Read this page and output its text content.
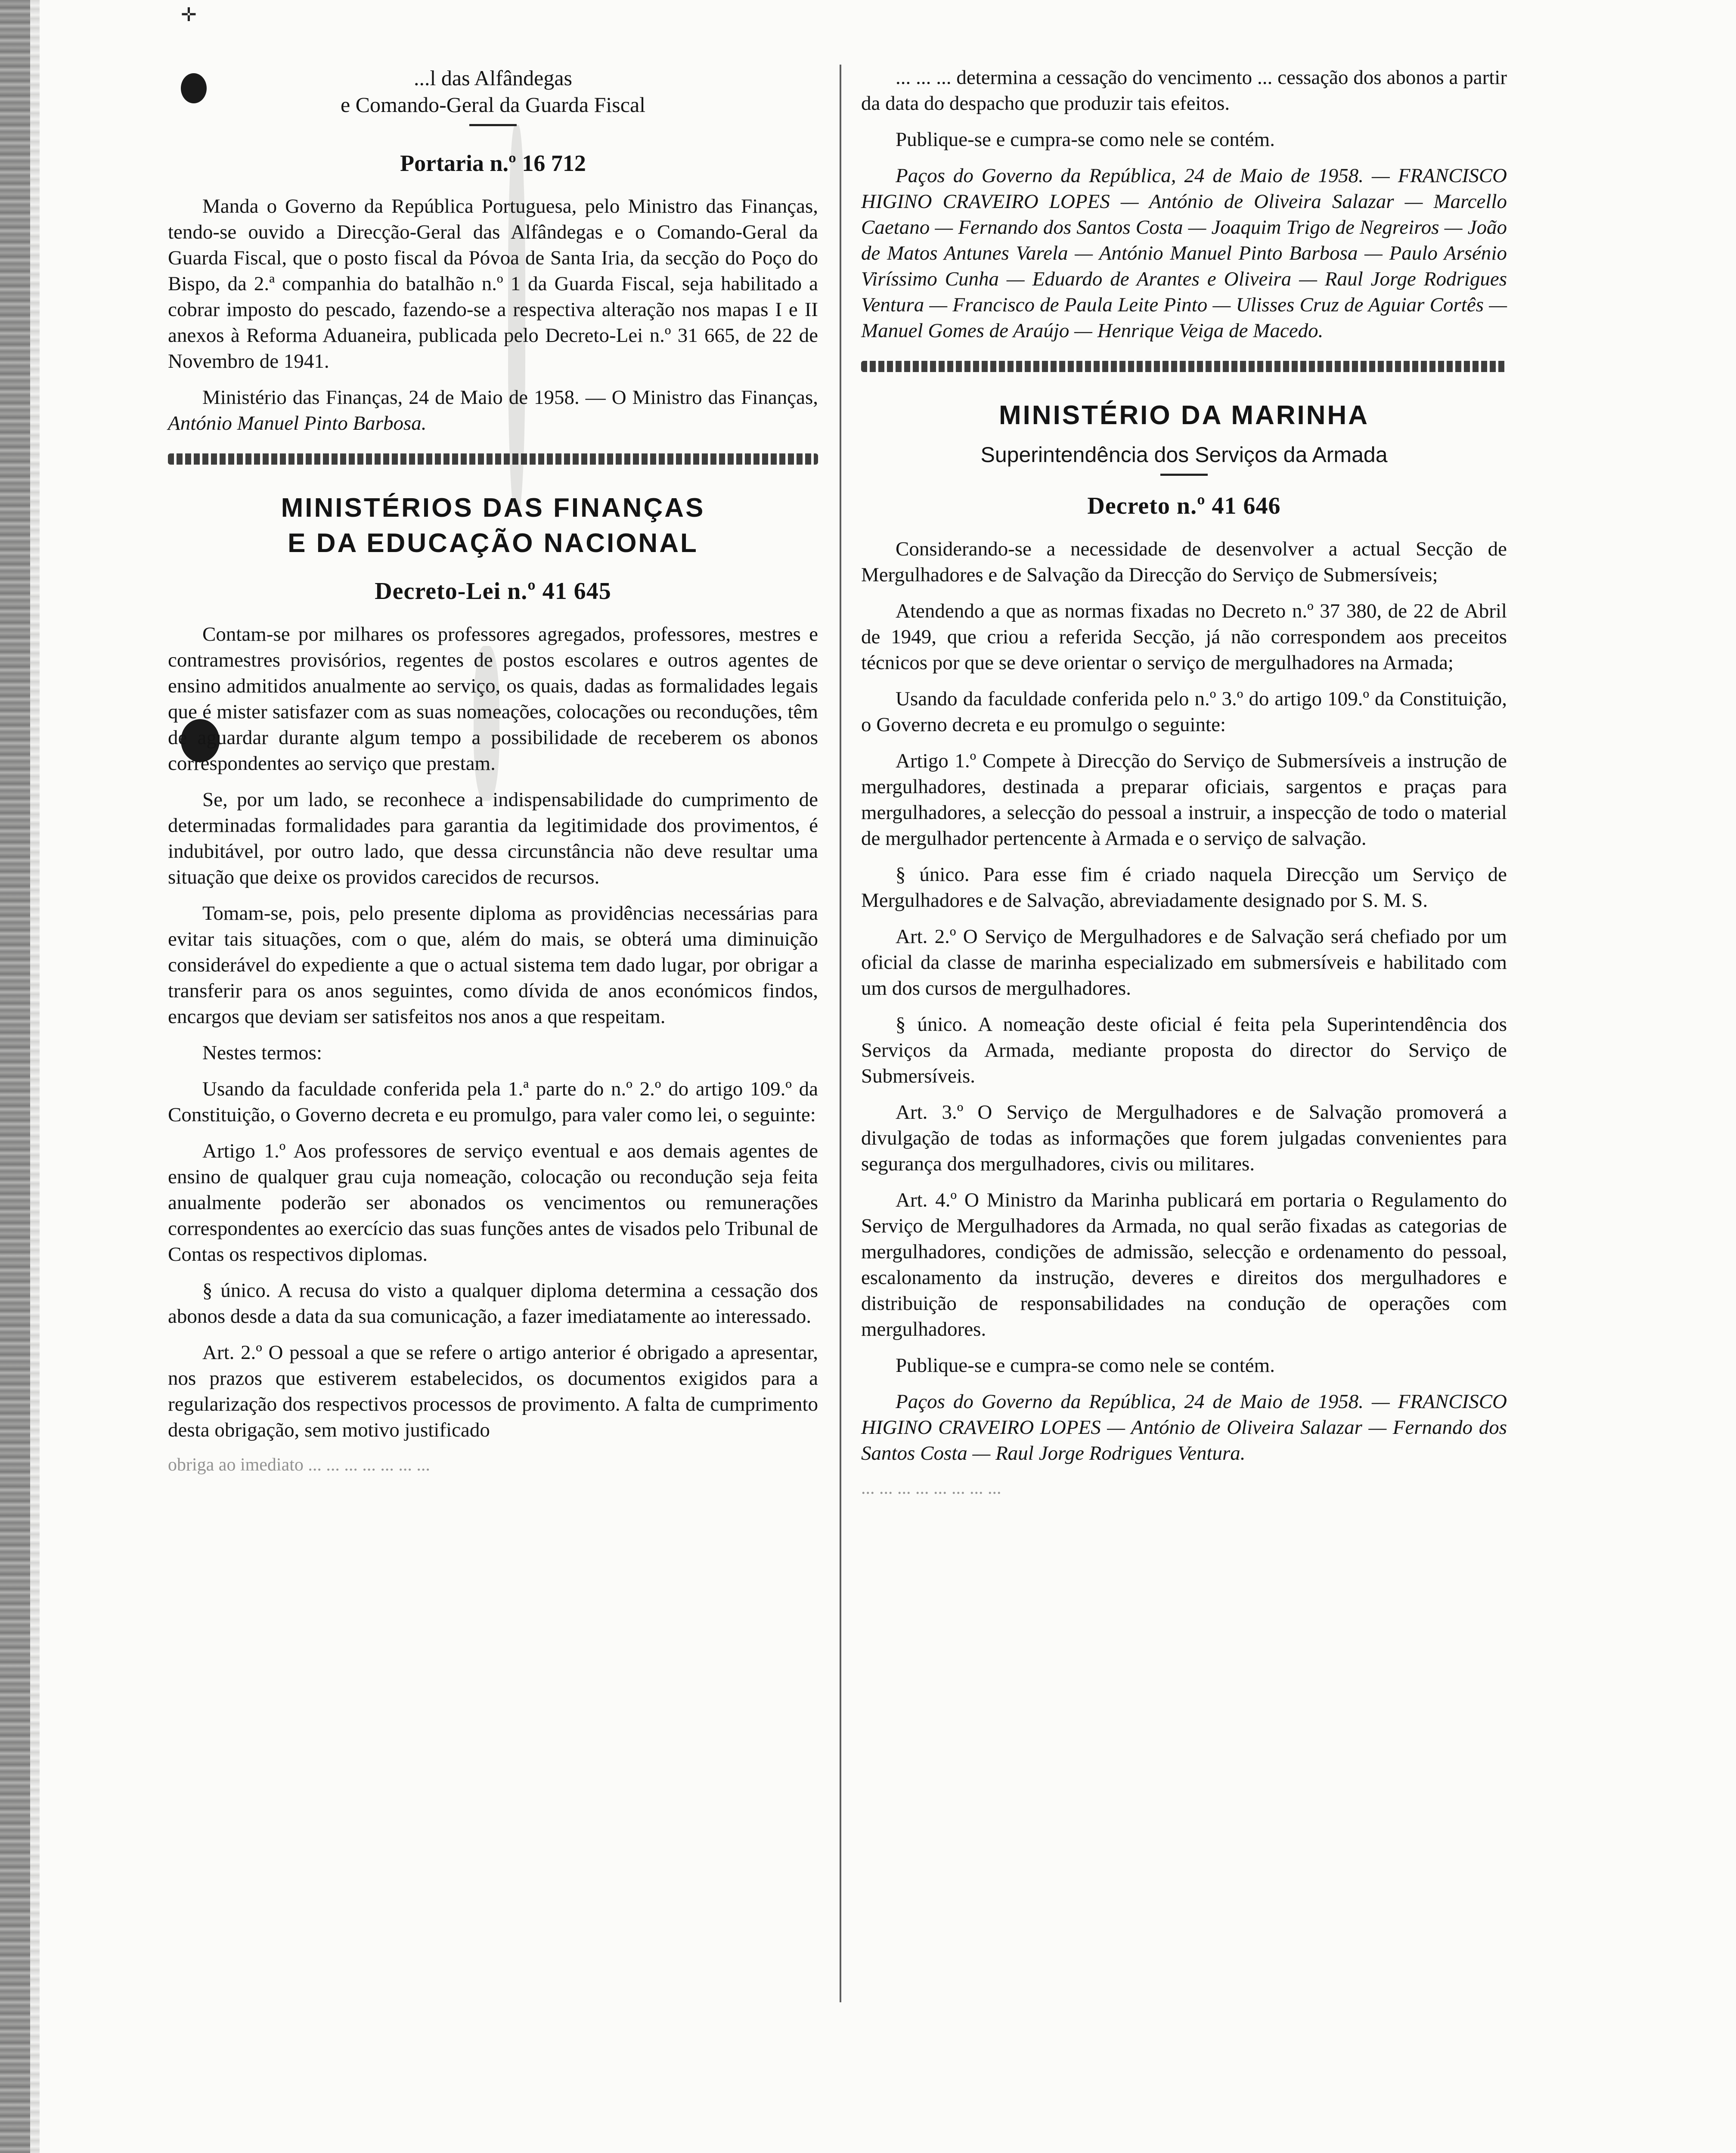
✛

...l das Alfândegas

e Comando-Geral da Guarda Fiscal

Portaria n.º 16 712

Manda o Governo da República Portuguesa, pelo Ministro das Finanças, tendo-se ouvido a Direcção-Geral das Alfândegas e o Comando-Geral da Guarda Fiscal, que o posto fiscal da Póvoa de Santa Iria, da secção do Poço do Bispo, da 2.ª companhia do batalhão n.º 1 da Guarda Fiscal, seja habilitado a cobrar imposto do pescado, fazendo-se a respectiva alteração nos mapas I e II anexos à Reforma Aduaneira, publicada pelo Decreto-Lei n.º 31 665, de 22 de Novembro de 1941.

Ministério das Finanças, 24 de Maio de 1958. — O Ministro das Finanças, António Manuel Pinto Barbosa.

MINISTÉRIOS DAS FINANÇAS

E DA EDUCAÇÃO NACIONAL

Decreto-Lei n.º 41 645

Contam-se por milhares os professores agregados, professores, mestres e contramestres provisórios, regentes de postos escolares e outros agentes de ensino admitidos anualmente ao serviço, os quais, dadas as formalidades legais que é mister satisfazer com as suas nomeações, colocações ou reconduções, têm de aguardar durante algum tempo a possibilidade de receberem os abonos correspondentes ao serviço que prestam.

Se, por um lado, se reconhece a indispensabilidade do cumprimento de determinadas formalidades para garantia da legitimidade dos provimentos, é indubitável, por outro lado, que dessa circunstância não deve resultar uma situação que deixe os providos carecidos de recursos.

Tomam-se, pois, pelo presente diploma as providências necessárias para evitar tais situações, com o que, além do mais, se obterá uma diminuição considerável do expediente a que o actual sistema tem dado lugar, por obrigar a transferir para os anos seguintes, como dívida de anos económicos findos, encargos que deviam ser satisfeitos nos anos a que respeitam.

Nestes termos:

Usando da faculdade conferida pela 1.ª parte do n.º 2.º do artigo 109.º da Constituição, o Governo decreta e eu promulgo, para valer como lei, o seguinte:

Artigo 1.º Aos professores de serviço eventual e aos demais agentes de ensino de qualquer grau cuja nomeação, colocação ou recondução seja feita anualmente poderão ser abonados os vencimentos ou remunerações correspondentes ao exercício das suas funções antes de visados pelo Tribunal de Contas os respectivos diplomas.

§ único. A recusa do visto a qualquer diploma determina a cessação dos abonos desde a data da sua comunicação, a fazer imediatamente ao interessado.

Art. 2.º O pessoal a que se refere o artigo anterior é obrigado a apresentar, nos prazos que estiverem estabelecidos, os documentos exigidos para a regularização dos respectivos processos de provimento. A falta de cumprimento desta obrigação, sem motivo justificado

obriga ao imediato ... ... ... ... ... ... ...

... ... ... determina a cessação do vencimento ... cessação dos abonos a partir da data do despacho que produzir tais efeitos.

Publique-se e cumpra-se como nele se contém.

Paços do Governo da República, 24 de Maio de 1958. — FRANCISCO HIGINO CRAVEIRO LOPES — António de Oliveira Salazar — Marcello Caetano — Fernando dos Santos Costa — Joaquim Trigo de Negreiros — João de Matos Antunes Varela — António Manuel Pinto Barbosa — Paulo Arsénio Viríssimo Cunha — Eduardo de Arantes e Oliveira — Raul Jorge Rodrigues Ventura — Francisco de Paula Leite Pinto — Ulisses Cruz de Aguiar Cortês — Manuel Gomes de Araújo — Henrique Veiga de Macedo.

MINISTÉRIO DA MARINHA

Superintendência dos Serviços da Armada

Decreto n.º 41 646

Considerando-se a necessidade de desenvolver a actual Secção de Mergulhadores e de Salvação da Direcção do Serviço de Submersíveis;

Atendendo a que as normas fixadas no Decreto n.º 37 380, de 22 de Abril de 1949, que criou a referida Secção, já não correspondem aos preceitos técnicos por que se deve orientar o serviço de mergulhadores na Armada;

Usando da faculdade conferida pelo n.º 3.º do artigo 109.º da Constituição, o Governo decreta e eu promulgo o seguinte:

Artigo 1.º Compete à Direcção do Serviço de Submersíveis a instrução de mergulhadores, destinada a preparar oficiais, sargentos e praças para mergulhadores, a selecção do pessoal a instruir, a inspecção de todo o material de mergulhador pertencente à Armada e o serviço de salvação.

§ único. Para esse fim é criado naquela Direcção um Serviço de Mergulhadores e de Salvação, abreviadamente designado por S. M. S.

Art. 2.º O Serviço de Mergulhadores e de Salvação será chefiado por um oficial da classe de marinha especializado em submersíveis e habilitado com um dos cursos de mergulhadores.

§ único. A nomeação deste oficial é feita pela Superintendência dos Serviços da Armada, mediante proposta do director do Serviço de Submersíveis.

Art. 3.º O Serviço de Mergulhadores e de Salvação promoverá a divulgação de todas as informações que forem julgadas convenientes para segurança dos mergulhadores, civis ou militares.

Art. 4.º O Ministro da Marinha publicará em portaria o Regulamento do Serviço de Mergulhadores da Armada, no qual serão fixadas as categorias de mergulhadores, condições de admissão, selecção e ordenamento do pessoal, escalonamento da instrução, deveres e direitos dos mergulhadores e distribuição de responsabilidades na condução de operações com mergulhadores.

Publique-se e cumpra-se como nele se contém.

Paços do Governo da República, 24 de Maio de 1958. — FRANCISCO HIGINO CRAVEIRO LOPES — António de Oliveira Salazar — Fernando dos Santos Costa — Raul Jorge Rodrigues Ventura.

... ... ... ... ... ... ... ...
